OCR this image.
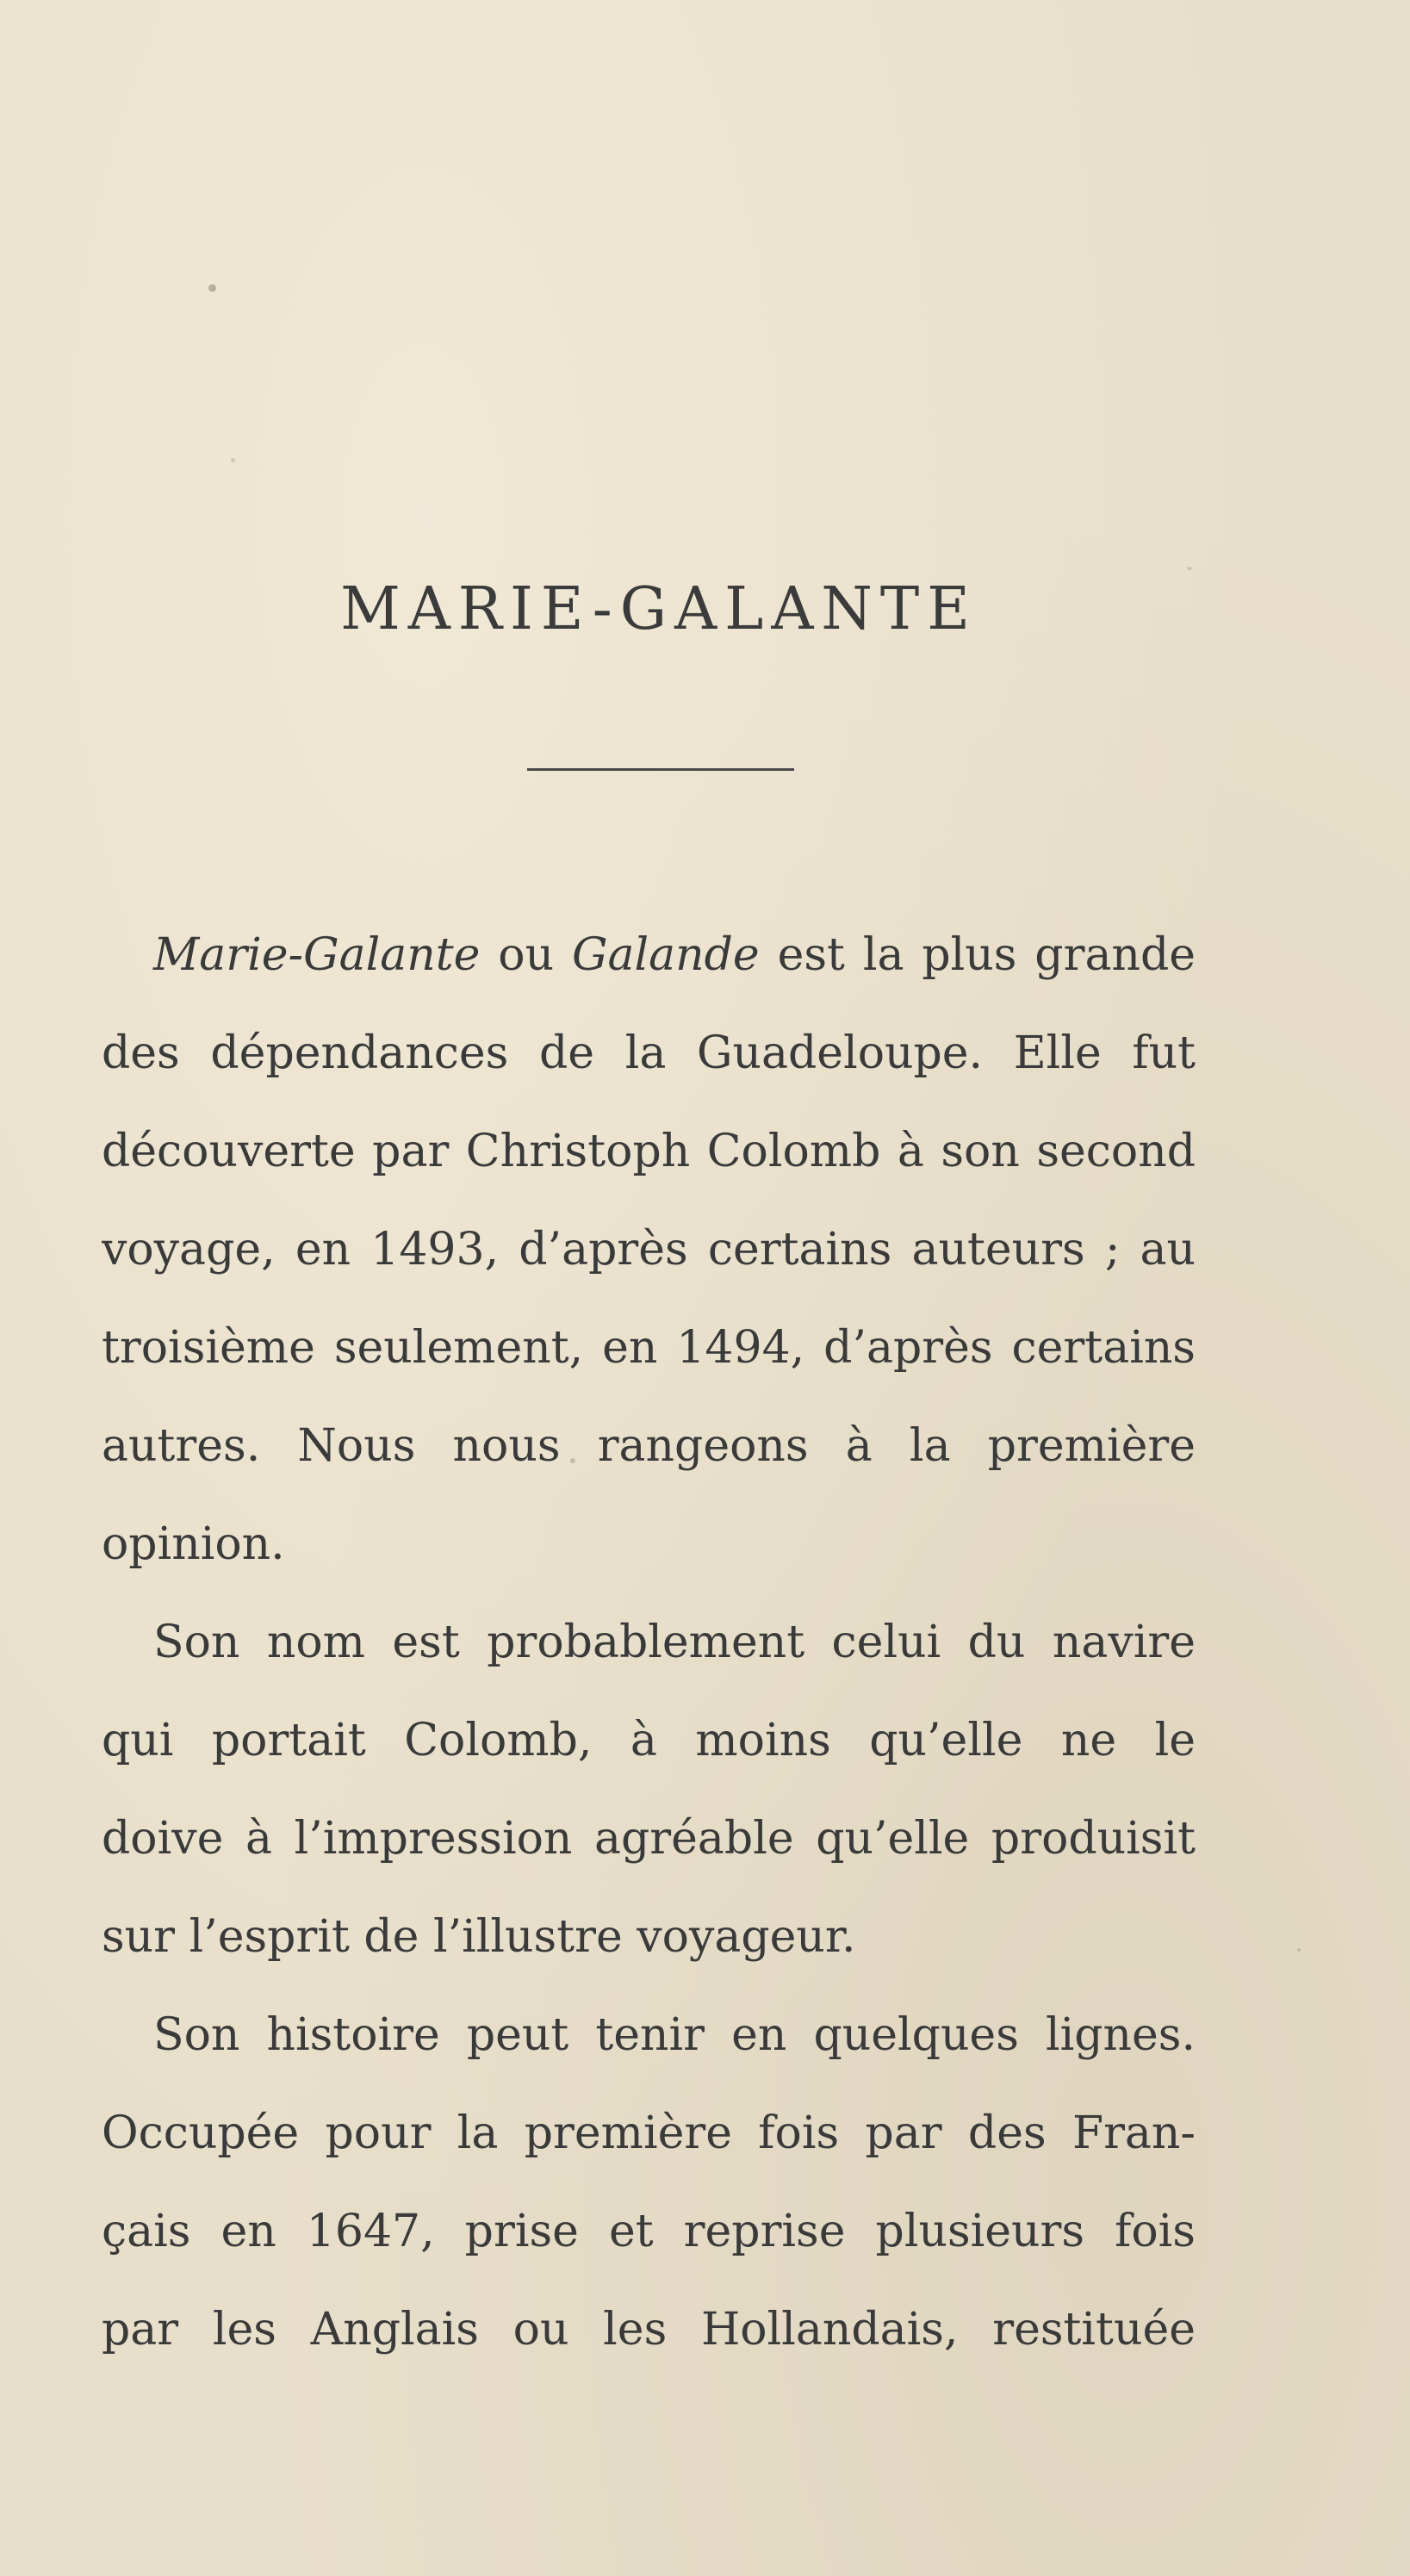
MARIE-GALANTE
Marie-Galante ou Galande est la plus grande
des dépendances de la Guadeloupe. Elle fut
découverte par Christoph Colomb à son second
voyage, en 1493, d’après certains auteurs ; au
troisième seulement, en 1494, d’après certains
autres. Nous nous rangeons à la première
opinion.
Son nom est probablement celui du navire
qui portait Colomb, à moins qu’elle ne le
doive à l’impression agréable qu’elle produisit
sur l’esprit de l’illustre voyageur.
Son histoire peut tenir en quelques lignes.
Occupée pour la première fois par des Fran-
çais en 1647, prise et reprise plusieurs fois
par les Anglais ou les Hollandais, restituée
